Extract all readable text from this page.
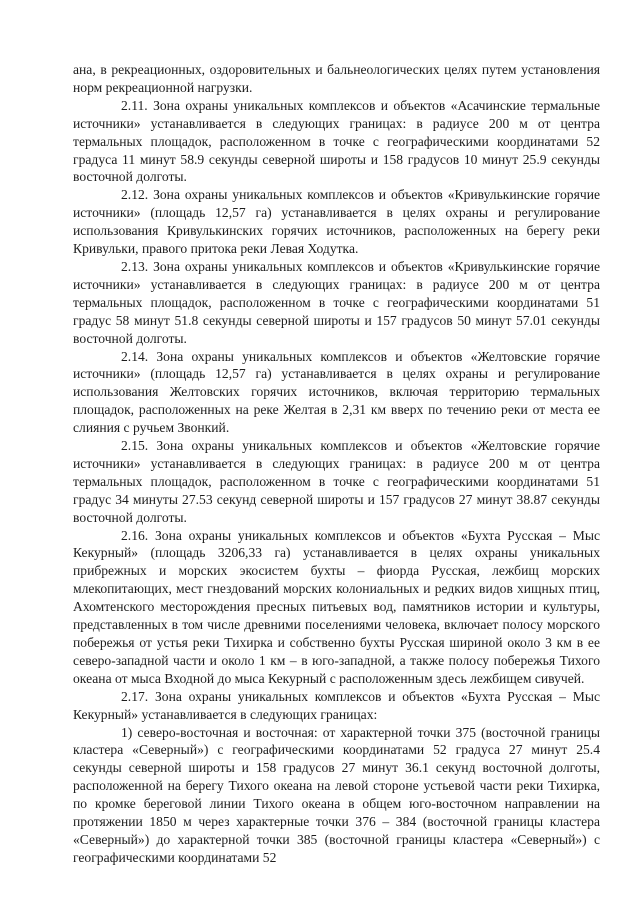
ана, в рекреационных, оздоровительных и бальнеологических целях путем установления норм рекреационной нагрузки.

2.11. Зона охраны уникальных комплексов и объектов «Асачинские термальные источники» устанавливается в следующих границах: в радиусе 200 м от центра термальных площадок, расположенном в точке с географическими координатами 52 градуса 11 минут 58.9 секунды северной широты и 158 градусов 10 минут 25.9 секунды восточной долготы.

2.12. Зона охраны уникальных комплексов и объектов «Кривулькинские горячие источники» (площадь 12,57 га) устанавливается в целях охраны и регулирование использования Кривулькинских горячих источников, расположенных на берегу реки Кривульки, правого притока реки Левая Ходутка.

2.13. Зона охраны уникальных комплексов и объектов «Кривулькинские горячие источники» устанавливается в следующих границах: в радиусе 200 м от центра термальных площадок, расположенном в точке с географическими координатами 51 градус 58 минут 51.8 секунды северной широты и 157 градусов 50 минут 57.01 секунды восточной долготы.

2.14. Зона охраны уникальных комплексов и объектов «Желтовские горячие источники» (площадь 12,57 га) устанавливается в целях охраны и регулирование использования Желтовских горячих источников, включая территорию термальных площадок, расположенных на реке Желтая в 2,31 км вверх по течению реки от места ее слияния с ручьем Звонкий.

2.15. Зона охраны уникальных комплексов и объектов «Желтовские горячие источники» устанавливается в следующих границах: в радиусе 200 м от центра термальных площадок, расположенном в точке с географическими координатами 51 градус 34 минуты 27.53 секунд северной широты и 157 градусов 27 минут 38.87 секунды восточной долготы.

2.16. Зона охраны уникальных комплексов и объектов «Бухта Русская – Мыс Кекурный» (площадь 3206,33 га) устанавливается в целях охраны уникальных прибрежных и морских экосистем бухты – фиорда Русская, лежбищ морских млекопитающих, мест гнездований морских колониальных и редких видов хищных птиц, Ахомтенского месторождения пресных питьевых вод, памятников истории и культуры, представленных в том числе древними поселениями человека, включает полосу морского побережья от устья реки Тихирка и собственно бухты Русская шириной около 3 км в ее северо-западной части и около 1 км – в юго-западной, а также полосу побережья Тихого океана от мыса Входной до мыса Кекурный с расположенным здесь лежбищем сивучей.

2.17. Зона охраны уникальных комплексов и объектов «Бухта Русская – Мыс Кекурный» устанавливается в следующих границах:

1) северо-восточная и восточная: от характерной точки 375 (восточной границы кластера «Северный») с географическими координатами 52 градуса 27 минут 25.4 секунды северной широты и 158 градусов 27 минут 36.1 секунд восточной долготы, расположенной на берегу Тихого океана на левой стороне устьевой части реки Тихирка, по кромке береговой линии Тихого океана в общем юго-восточном направлении на протяжении 1850 м через характерные точки 376 – 384 (восточной границы кластера «Северный») до характерной точки 385 (восточной границы кластера «Северный») с географическими координатами 52
